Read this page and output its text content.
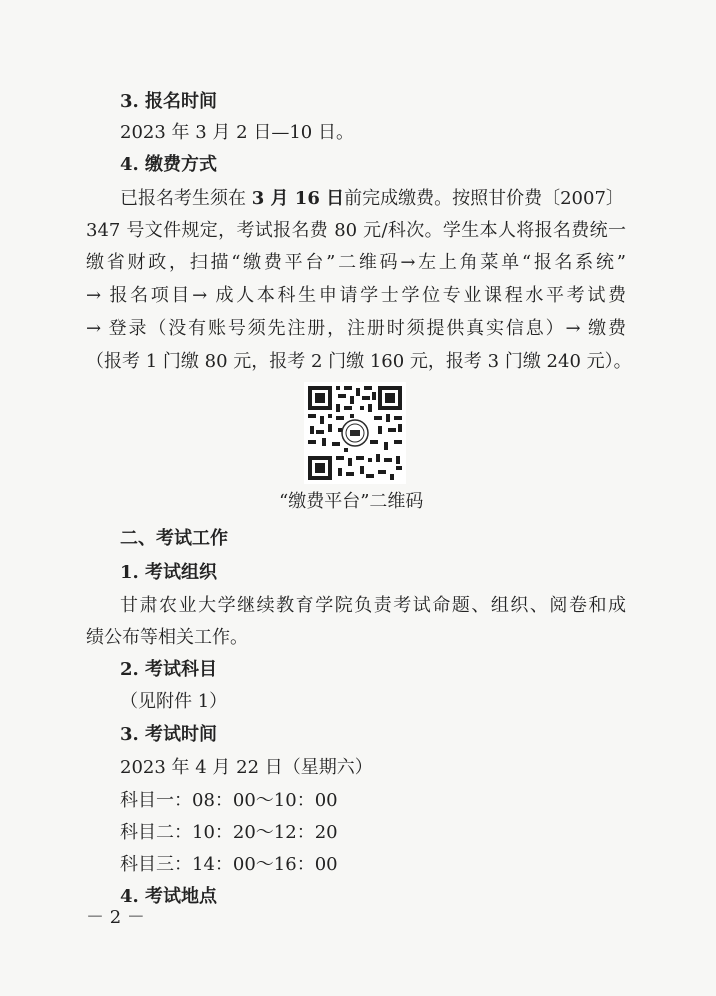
3. 报名时间
2023 年 3 月 2 日—10 日。
4. 缴费方式
已报名考生须在 3 月 16 日前完成缴费。按照甘价费〔2007〕
347 号文件规定，考试报名费 80 元/科次。学生本人将报名费统一
缴省财政，扫描“缴费平台”二维码→左上角菜单“报名系统”
→ 报名项目→ 成人本科生申请学士学位专业课程水平考试费
→ 登录（没有账号须先注册，注册时须提供真实信息）→ 缴费
（报考 1 门缴 80 元，报考 2 门缴 160 元，报考 3 门缴 240 元）。
“缴费平台”二维码
二、考试工作
1. 考试组织
甘肃农业大学继续教育学院负责考试命题、组织、阅卷和成
绩公布等相关工作。
2. 考试科目
（见附件 1）
3. 考试时间
2023 年 4 月 22 日（星期六）
科目一：08：00～10：00
科目二：10：20～12：20
科目三：14：00～16：00
4. 考试地点
－ 2 －
